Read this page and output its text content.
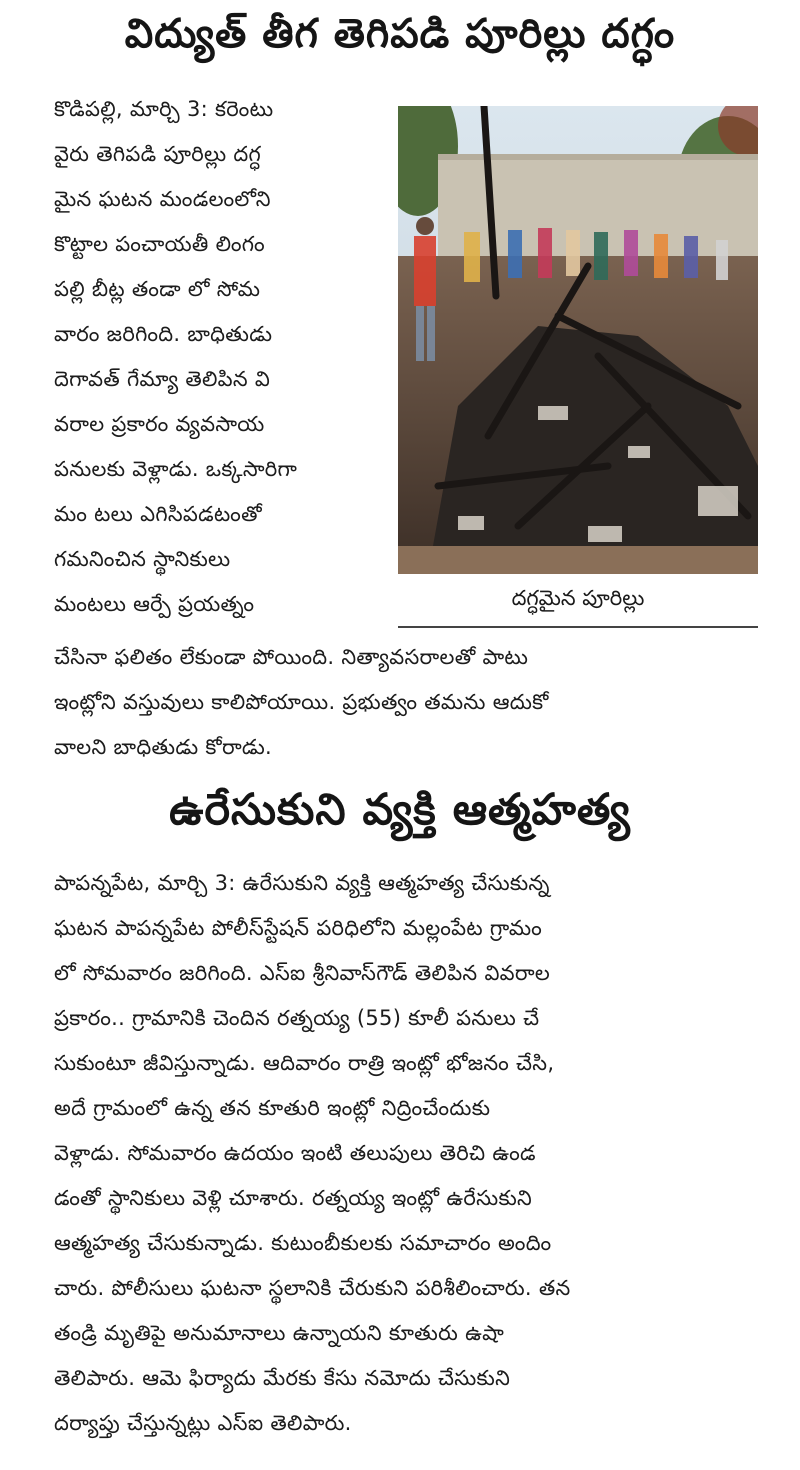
విద్యుత్ తీగ తెగిపడి పూరిల్లు దగ్ధం
కొడిపల్లి, మార్చి 3: కరెంటు
వైరు తెగిపడి పూరిల్లు దగ్ధ
మైన ఘటన మండలంలోని
కొట్టాల పంచాయతీ లింగం
పల్లి బీట్ల తండా లో సోమ
వారం జరిగింది. బాధితుడు
దెగావత్ గేమ్యా తెలిపిన వి
వరాల ప్రకారం వ్యవసాయ
పనులకు వెళ్లాడు. ఒక్కసారిగా
మం టలు ఎగిసిపడటంతో
గమనించిన స్థానికులు
మంటలు ఆర్పే ప్రయత్నం	దగ్ధమైన పూరిల్లు
చేసినా ఫలితం లేకుండా పోయింది. నిత్యావసరాలతో పాటు
ఇంట్లోని వస్తువులు కాలిపోయాయి. ప్రభుత్వం తమను ఆదుకో
వాలని బాధితుడు కోరాడు.
ఉరేసుకుని వ్యక్తి ఆత్మహత్య
పాపన్నపేట, మార్చి 3: ఉరేసుకుని వ్యక్తి ఆత్మహత్య చేసుకున్న
ఘటన పాపన్నపేట పోలీస్‌స్టేషన్ పరిధిలోని మల్లంపేట గ్రామం
లో సోమవారం జరిగింది. ఎస్ఐ శ్రీనివాస్‌గౌడ్ తెలిపిన వివరాల
ప్రకారం.. గ్రామానికి చెందిన రత్నయ్య (55) కూలీ పనులు చే
సుకుంటూ జీవిస్తున్నాడు. ఆదివారం రాత్రి ఇంట్లో భోజనం చేసి,
అదే గ్రామంలో ఉన్న తన కూతురి ఇంట్లో నిద్రించేందుకు
వెళ్లాడు. సోమవారం ఉదయం ఇంటి తలుపులు తెరిచి ఉండ
డంతో స్థానికులు వెళ్లి చూశారు. రత్నయ్య ఇంట్లో ఉరేసుకుని
ఆత్మహత్య చేసుకున్నాడు. కుటుంబీకులకు సమాచారం అందిం
చారు. పోలీసులు ఘటనా స్థలానికి చేరుకుని పరిశీలించారు. తన
తండ్రి మృతిపై అనుమానాలు ఉన్నాయని కూతురు ఉషా
తెలిపారు. ఆమె ఫిర్యాదు మేరకు కేసు నమోదు చేసుకుని
దర్యాప్తు చేస్తున్నట్లు ఎస్ఐ తెలిపారు.
